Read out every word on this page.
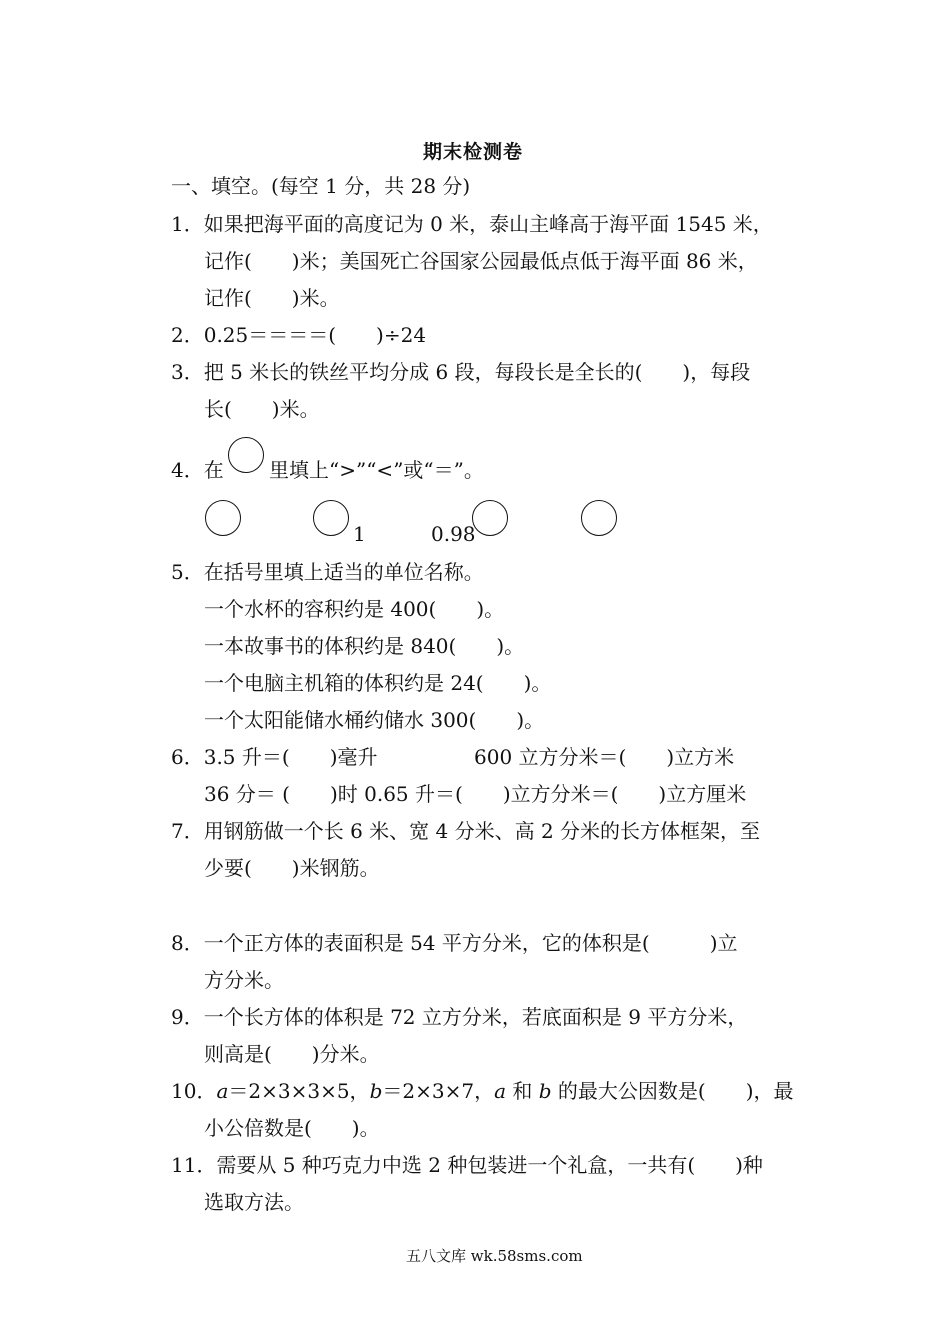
期末检测卷
一、填空。(每空 1 分，共 28 分)
1．如果把海平面的高度记为 0 米，泰山主峰高于海平面 1545 米，
记作(　　)米；美国死亡谷国家公园最低点低于海平面 86 米，
记作(　　)米。
2．0.25＝＝＝＝(　　)÷24
3．把 5 米长的铁丝平均分成 6 段，每段长是全长的(　　)，每段
长(　　)米。
4．在 里填上“>”“<”或“＝”。
1	0.98
5．在括号里填上适当的单位名称。
一个水杯的容积约是 400(　　)。
一本故事书的体积约是 840(　　)。
一个电脑主机箱的体积约是 24(　　)。
一个太阳能储水桶约储水 300(　　)。
6．3.5 升＝(　　)毫升	600 立方分米＝(　　)立方米
36 分＝ (　　)时 0.65 升＝(　　)立方分米＝(　　)立方厘米
7．用钢筋做一个长 6 米、宽 4 分米、高 2 分米的长方体框架，至
少要(　　)米钢筋。
8．一个正方体的表面积是 54 平方分米，它的体积是(　　　)立
方分米。
9．一个长方体的体积是 72 立方分米，若底面积是 9 平方分米，
则高是(　　)分米。
10．a＝2×3×3×5，b＝2×3×7，a 和 b 的最大公因数是(　　)，最
小公倍数是(　　)。
11．需要从 5 种巧克力中选 2 种包装进一个礼盒，一共有(　　)种
选取方法。
五八文库 wk.58sms.com
